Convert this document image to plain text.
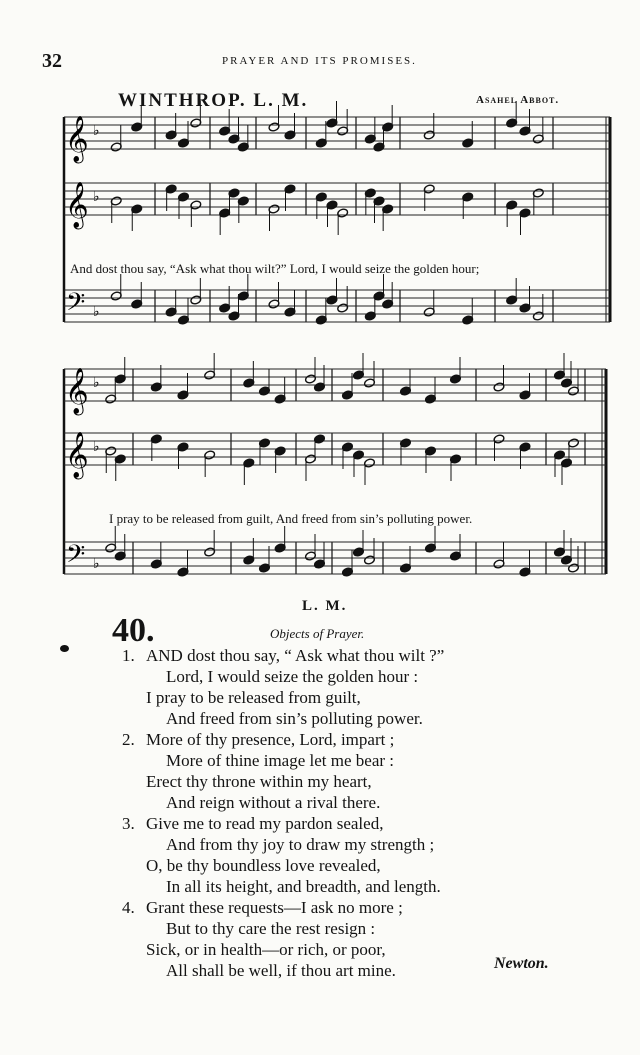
32	PRAYER AND ITS PROMISES.
WINTHROP. L. M.	Asahel Abbot.
𝄞 ♭
𝄞 ♭
𝄢 ♭
𝄞 ♭
𝄞 ♭
𝄢 ♭
And dost thou say, “Ask what thou wilt?” Lord, I would seize the golden hour;
I pray to be released from guilt, And freed from sin’s polluting power.
L. M.
40.	Objects of Prayer.
1. AND dost thou say, “ Ask what thou wilt ?”
Lord, I would seize the golden hour :
I pray to be released from guilt,
And freed from sin’s polluting power.
2. More of thy presence, Lord, impart ;
More of thine image let me bear :
Erect thy throne within my heart,
And reign without a rival there.
3. Give me to read my pardon sealed,
And from thy joy to draw my strength ;
O, be thy boundless love revealed,
In all its height, and breadth, and length.
4. Grant these requests—I ask no more ;
But to thy care the rest resign :
Sick, or in health—or rich, or poor,
All shall be well, if thou art mine.	Newton.
